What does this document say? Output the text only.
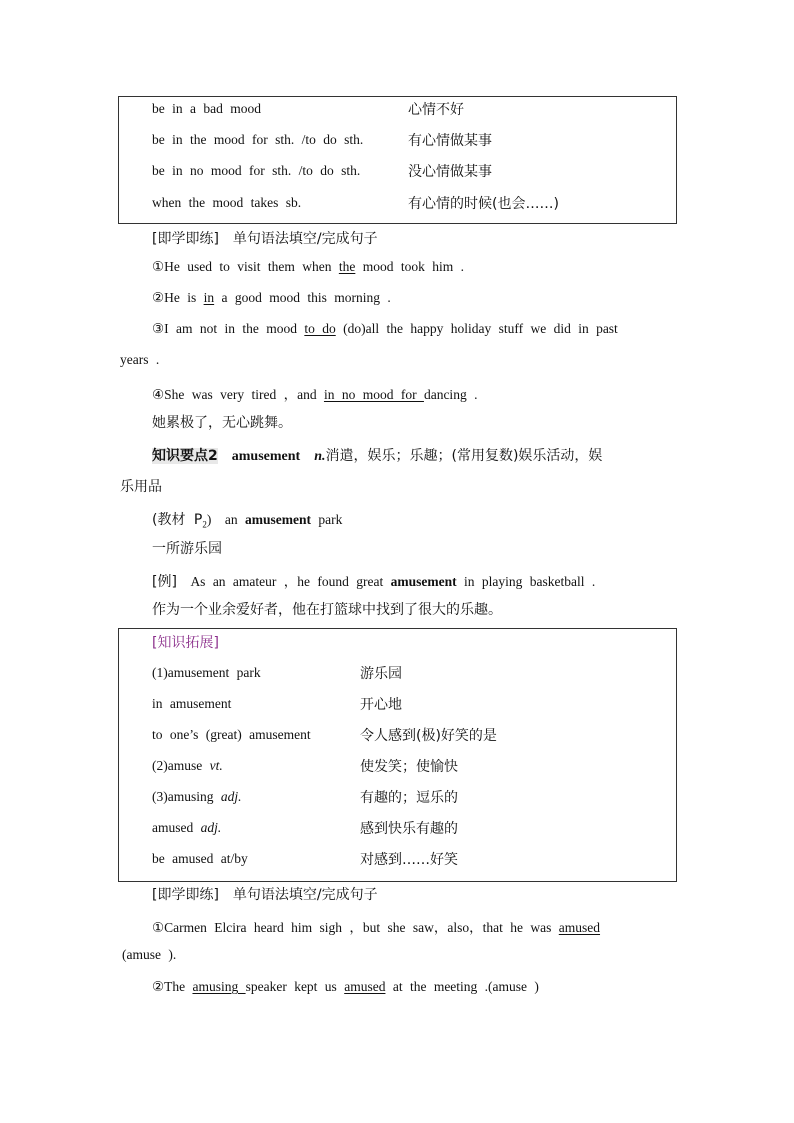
be in a bad mood	心情不好
be in the mood for sth. /to do sth.	有心情做某事
be in no mood for sth. /to do sth.	没心情做某事
when the mood takes sb.	有心情的时候(也会……)
[即学即练]　单句语法填空/完成句子
①He used to visit them when the mood took him .
②He is in a good mood this morning .
③I am not in the mood to do (do)all the happy holiday stuff we did in past
years .
④She was very tired ，and in no mood for dancing .
她累极了，无心跳舞。
知识要点2　 amusement　 n.消遣，娱乐；乐趣；(常用复数)娱乐活动，娱
乐用品
(教材 $P_2$)　 an amusement park
一所游乐园
[例]　 As an amateur ，he found great amusement in playing basketball .
作为一个业余爱好者，他在打篮球中找到了很大的乐趣。
[知识拓展]
(1)amusement park	游乐园
in amusement	开心地
to one’s (great) amusement	令人感到(极)好笑的是
(2)amuse vt.	使发笑；使愉快
(3)amusing adj.	有趣的；逗乐的
amused adj.	感到快乐有趣的
be amused at/by	对感到……好笑
[即学即练]　单句语法填空/完成句子
①Carmen Elcira heard him sigh ，but she saw，also，that he was amused
(amuse ).
②The amusing speaker kept us amused at the meeting .(amuse )
